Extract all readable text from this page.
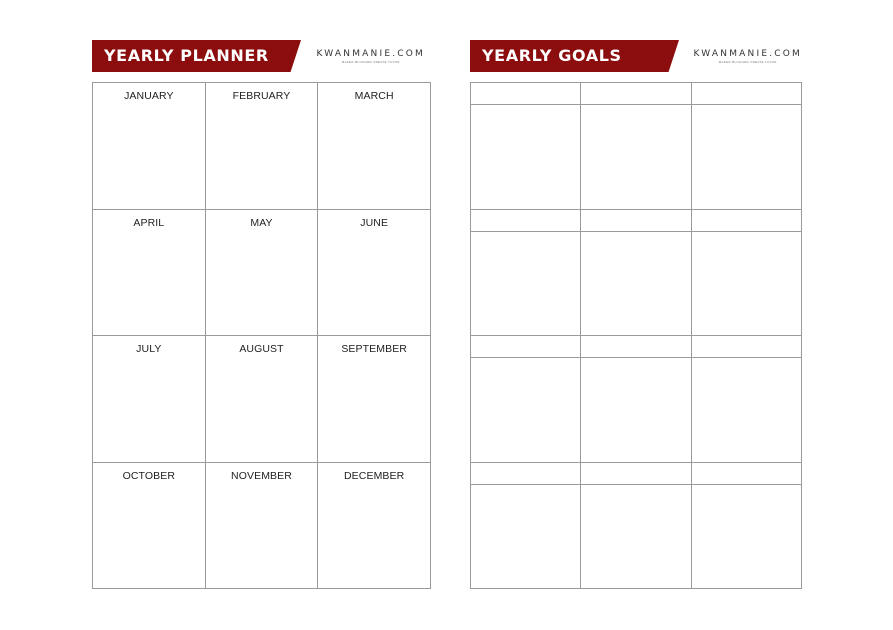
YEARLY PLANNER	KWANMANIE.COM
MAKER BLOGGER CREATE TUTOR
JANUARY	FEBRUARY	MARCH
APRIL	MAY	JUNE
JULY	AUGUST	SEPTEMBER
OCTOBER	NOVEMBER	DECEMBER
YEARLY GOALS	KWANMANIE.COM
MAKER BLOGGER CREATE TUTOR
